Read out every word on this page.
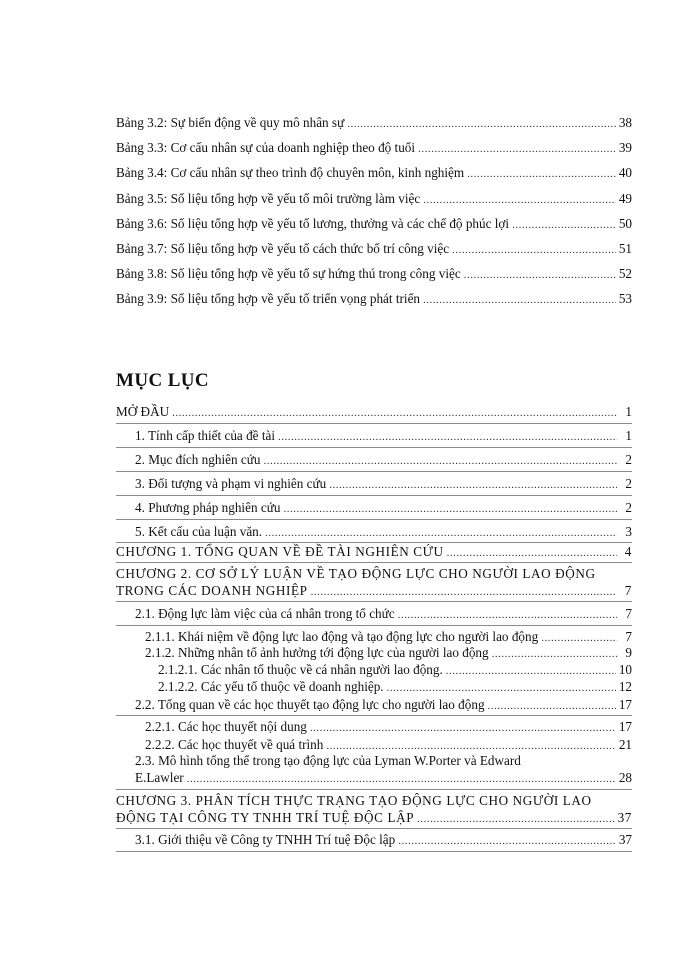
Bảng 3.2: Sự biến động về quy mô nhân sự .....	38
Bảng 3.3: Cơ cấu nhân sự của doanh nghiệp theo độ tuổi .....	39
Bảng 3.4: Cơ cấu nhân sự theo trình độ chuyên môn, kinh nghiệm .....	40
Bảng 3.5: Số liệu tổng hợp về yếu tố môi trường làm việc .....	49
Bảng 3.6: Số liệu tổng hợp về yếu tố lương, thưởng và các chế độ phúc lợi .....	50
Bảng 3.7: Số liệu tổng hợp về yếu tố cách thức bố trí công việc .....	51
Bảng 3.8: Số liệu tổng hợp về yếu tố sự hứng thú trong công việc .....	52
Bảng 3.9: Số liệu tổng hợp về yếu tố triển vọng phát triển .....	53
MỤC LỤC
MỞ ĐẦU .....	1
1. Tính cấp thiết của đề tài .....	1
2. Mục đích nghiên cứu .....	2
3. Đối tượng và phạm vi nghiên cứu .....	2
4. Phương pháp nghiên cứu .....	2
5. Kết cấu của luận văn. .....	3
CHƯƠNG 1. TỔNG QUAN VỀ ĐỀ TÀI NGHIÊN CỨU .....	4
CHƯƠNG 2. CƠ SỞ LÝ LUẬN VỀ TẠO ĐỘNG LỰC CHO NGƯỜI LAO ĐỘNG
TRONG CÁC DOANH NGHIỆP .....	7
2.1. Động lực làm việc của cá nhân trong tổ chức .....	7
2.1.1. Khái niệm về động lực lao động và tạo động lực cho người lao động .....	7
2.1.2. Những nhân tố ảnh hưởng tới động lực của người lao động .....	9
2.1.2.1. Các nhân tố thuộc về cá nhân người lao động. .....	10
2.1.2.2. Các yếu tố thuộc về doanh nghiệp. .....	12
2.2. Tổng quan về các học thuyết tạo động lực cho người lao động .....	17
2.2.1. Các học thuyết nội dung .....	17
2.2.2. Các học thuyết về quá trình .....	21
2.3. Mô hình tổng thể trong tạo động lực của Lyman W.Porter và Edward
E.Lawler .....	28
CHƯƠNG 3. PHÂN TÍCH THỰC TRẠNG TẠO ĐỘNG LỰC CHO NGƯỜI LAO
ĐỘNG TẠI CÔNG TY TNHH TRÍ TUỆ ĐỘC LẬP .....	37
3.1. Giới thiệu về Công ty TNHH Trí tuệ Độc lập .....	37
